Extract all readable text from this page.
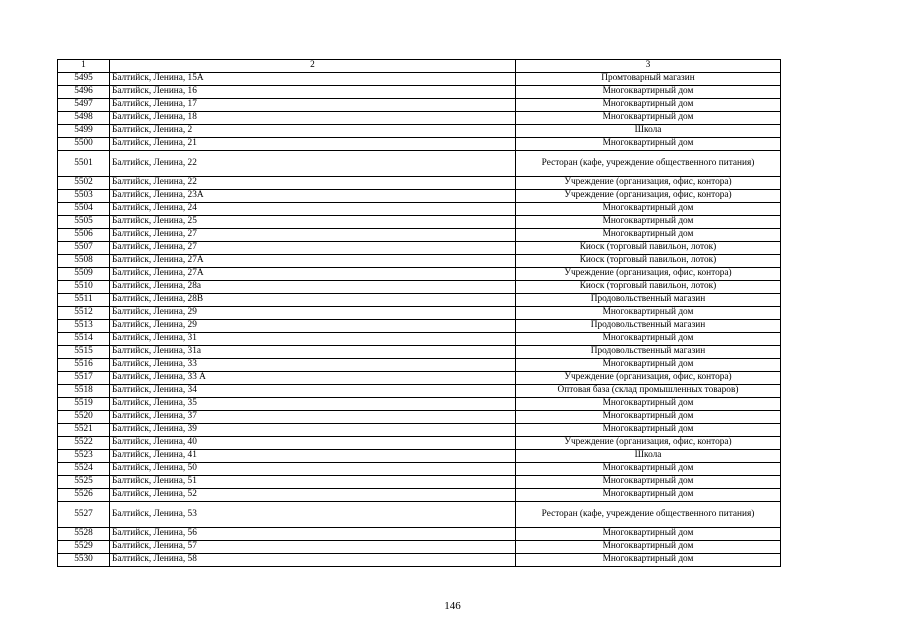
1	2	3
5495	Балтийск, Ленина, 15А	Промтоварный магазин
5496	Балтийск, Ленина, 16	Многоквартирный дом
5497	Балтийск, Ленина, 17	Многоквартирный дом
5498	Балтийск, Ленина, 18	Многоквартирный дом
5499	Балтийск, Ленина, 2	Школа
5500	Балтийск, Ленина, 21	Многоквартирный дом
5501	Балтийск, Ленина, 22	Ресторан (кафе, учреждение общественного питания)
5502	Балтийск, Ленина, 22	Учреждение (организация, офис, контора)
5503	Балтийск, Ленина, 23А	Учреждение (организация, офис, контора)
5504	Балтийск, Ленина, 24	Многоквартирный дом
5505	Балтийск, Ленина, 25	Многоквартирный дом
5506	Балтийск, Ленина, 27	Многоквартирный дом
5507	Балтийск, Ленина, 27	Киоск (торговый павильон, лоток)
5508	Балтийск, Ленина, 27А	Киоск (торговый павильон, лоток)
5509	Балтийск, Ленина, 27А	Учреждение (организация, офис, контора)
5510	Балтийск, Ленина, 28а	Киоск (торговый павильон, лоток)
5511	Балтийск, Ленина, 28В	Продовольственный магазин
5512	Балтийск, Ленина, 29	Многоквартирный дом
5513	Балтийск, Ленина, 29	Продовольственный магазин
5514	Балтийск, Ленина, 31	Многоквартирный дом
5515	Балтийск, Ленина, 31а	Продовольственный магазин
5516	Балтийск, Ленина, 33	Многоквартирный дом
5517	Балтийск, Ленина, 33 А	Учреждение (организация, офис, контора)
5518	Балтийск, Ленина, 34	Оптовая база (склад промышленных товаров)
5519	Балтийск, Ленина, 35	Многоквартирный дом
5520	Балтийск, Ленина, 37	Многоквартирный дом
5521	Балтийск, Ленина, 39	Многоквартирный дом
5522	Балтийск, Ленина, 40	Учреждение (организация, офис, контора)
5523	Балтийск, Ленина, 41	Школа
5524	Балтийск, Ленина, 50	Многоквартирный дом
5525	Балтийск, Ленина, 51	Многоквартирный дом
5526	Балтийск, Ленина, 52	Многоквартирный дом
5527	Балтийск, Ленина, 53	Ресторан (кафе, учреждение общественного питания)
5528	Балтийск, Ленина, 56	Многоквартирный дом
5529	Балтийск, Ленина, 57	Многоквартирный дом
5530	Балтийск, Ленина, 58	Многоквартирный дом
146
